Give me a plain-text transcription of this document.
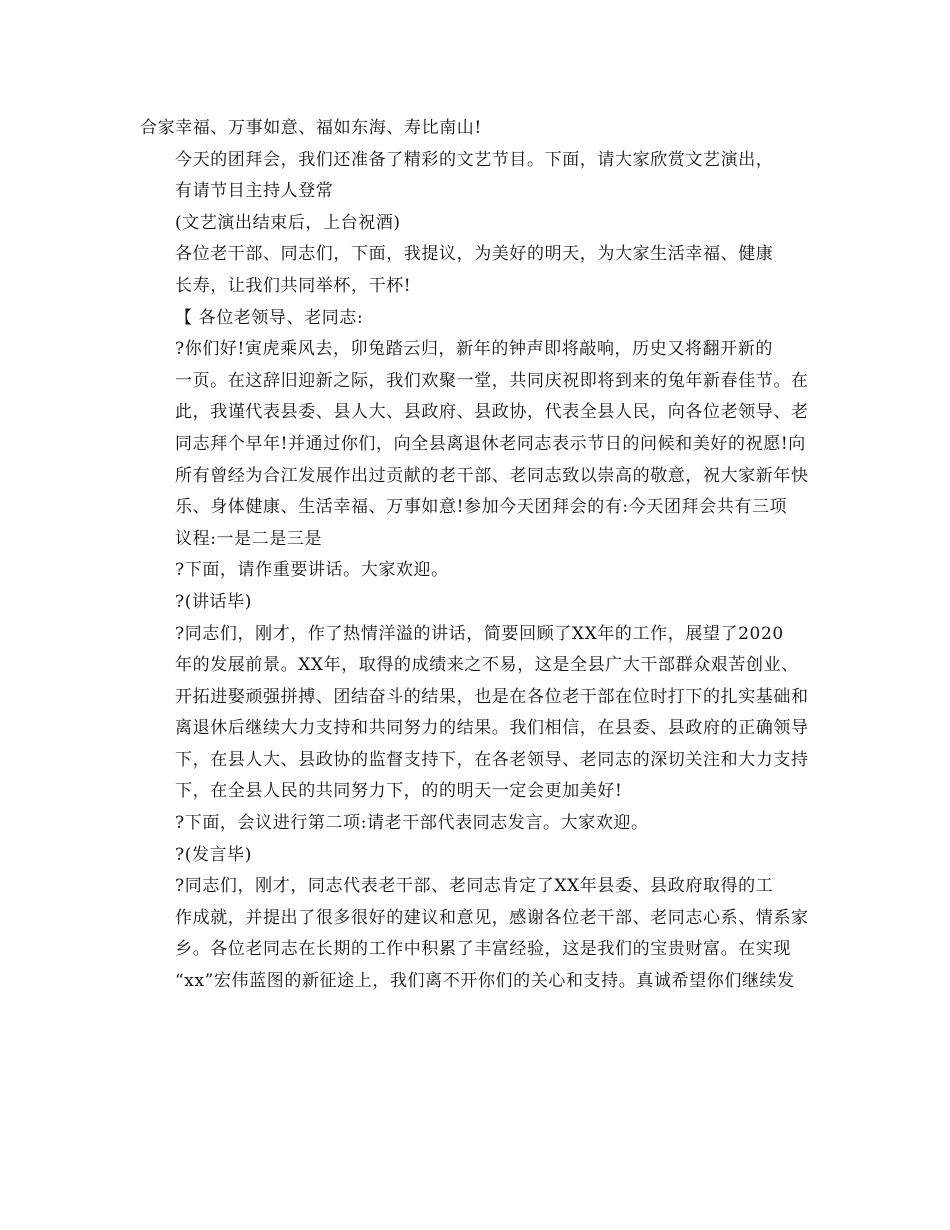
合家幸福、万事如意、福如东海、寿比南山!
今天的团拜会，我们还准备了精彩的文艺节目。下面，请大家欣赏文艺演出，
有请节目主持人登常
(文艺演出结束后，上台祝酒)
各位老干部、同志们，下面，我提议，为美好的明天，为大家生活幸福、健康
长寿，让我们共同举杯，干杯!
【 各位老领导、老同志:
?你们好!寅虎乘风去，卯兔踏云归，新年的钟声即将敲响，历史又将翻开新的
一页。在这辞旧迎新之际，我们欢聚一堂，共同庆祝即将到来的兔年新春佳节。在
此，我谨代表县委、县人大、县政府、县政协，代表全县人民，向各位老领导、老
同志拜个早年!并通过你们，向全县离退休老同志表示节日的问候和美好的祝愿!向
所有曾经为合江发展作出过贡献的老干部、老同志致以崇高的敬意，祝大家新年快
乐、身体健康、生活幸福、万事如意!参加今天团拜会的有:今天团拜会共有三项
议程:一是二是三是
?下面，请作重要讲话。大家欢迎。
?(讲话毕)
?同志们，刚才，作了热情洋溢的讲话，简要回顾了XX年的工作，展望了2020
年的发展前景。XX年，取得的成绩来之不易，这是全县广大干部群众艰苦创业、
开拓进娶顽强拼搏、团结奋斗的结果，也是在各位老干部在位时打下的扎实基础和
离退休后继续大力支持和共同努力的结果。我们相信，在县委、县政府的正确领导
下，在县人大、县政协的监督支持下，在各老领导、老同志的深切关注和大力支持
下，在全县人民的共同努力下，的的明天一定会更加美好!
?下面，会议进行第二项:请老干部代表同志发言。大家欢迎。
?(发言毕)
?同志们，刚才，同志代表老干部、老同志肯定了XX年县委、县政府取得的工
作成就，并提出了很多很好的建议和意见，感谢各位老干部、老同志心系、情系家
乡。各位老同志在长期的工作中积累了丰富经验，这是我们的宝贵财富。在实现
“xx”宏伟蓝图的新征途上，我们离不开你们的关心和支持。真诚希望你们继续发
